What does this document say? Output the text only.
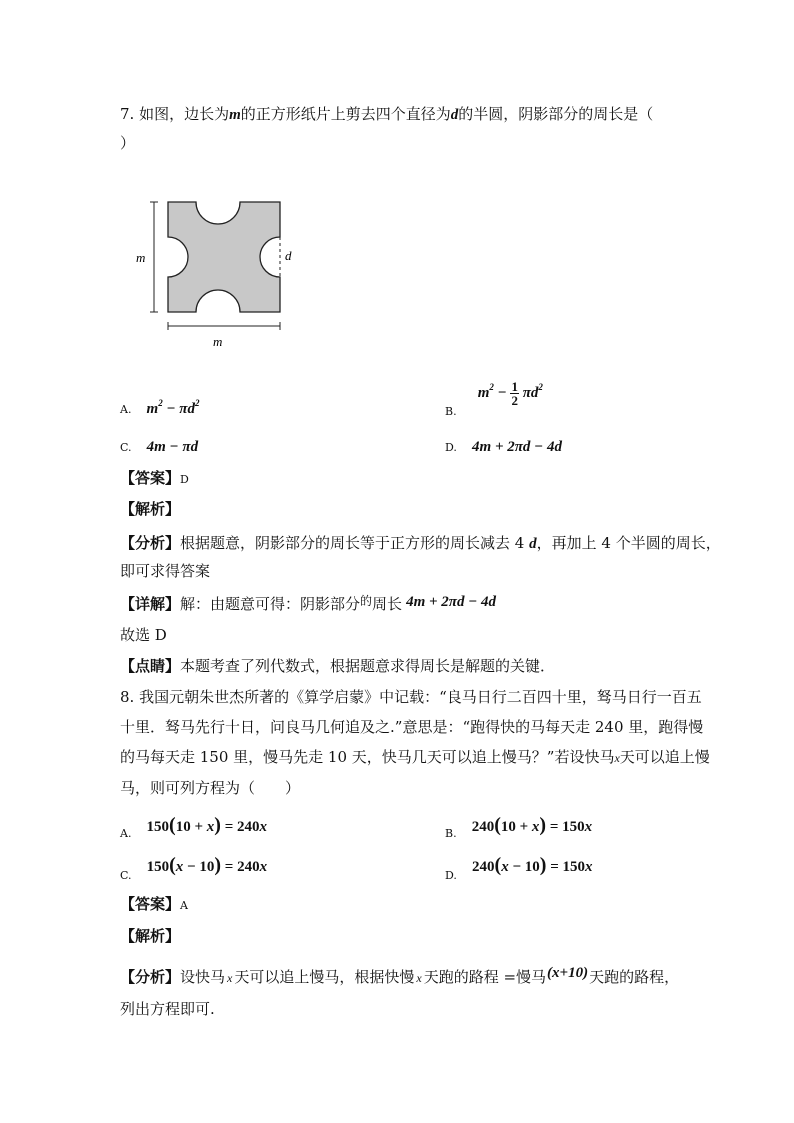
7. 如图，边长为m的正方形纸片上剪去四个直径为d的半圆，阴影部分的周长是（
）
m
m
d
A. $m^2 - \pi d^2$
$_{B.}$ $m^2 - \frac{1}{2} \pi d^2$
C. 4m − πd	D. 4m + 2πd − 4d
【答案】D
【解析】
【分析】根据题意，阴影部分的周长等于正方形的周长减去 4 d，再加上 4 个半圆的周长，
即可求得答案
【详解】解：由题意可得：阴影部分$^的$周长 4m + 2πd − 4d
故选 D
【点睛】本题考查了列代数式，根据题意求得周长是解题的关键．
8. 我国元朝朱世杰所著的《算学启蒙》中记载：“良马日行二百四十里，驽马日行一百五
十里．驽马先行十日，问良马几何追及之.”意思是：“跑得快的马每天走 240 里，跑得慢
的马每天走 150 里，慢马先走 10 天，快马几天可以追上慢马？”若设快马x天可以追上慢
马，则可列方程为（　　）
$_{A.}$ 150(10 + x) = 240x	$_{B.}$ 240(10 + x) = 150x
$_{C.}$ 150(x − 10) = 240x
$_{D.}$ 240(x − 10) = 150x
【答案】A
【解析】
【分析】设快马 x 天可以追上慢马，根据快慢 x 天跑的路程 =慢马(x+10)天跑的路程，
列出方程即可.
